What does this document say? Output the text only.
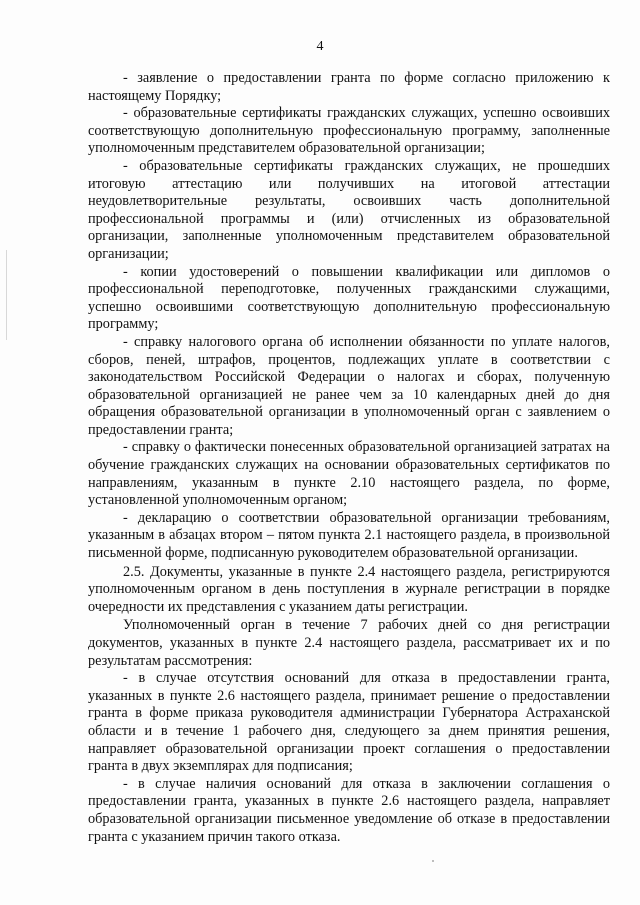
4

- заявление о предоставлении гранта по форме согласно приложению к настоящему Порядку;

- образовательные сертификаты гражданских служащих, успешно освоивших соответствующую дополнительную профессиональную программу, заполненные уполномоченным представителем образовательной организации;

- образовательные сертификаты гражданских служащих, не прошедших итоговую аттестацию или получивших на итоговой аттестации неудовлетворительные результаты, освоивших часть дополнительной профессиональной программы и (или) отчисленных из образовательной организации, заполненные уполномоченным представителем образовательной организации;

- копии удостоверений о повышении квалификации или дипломов о профессиональной переподготовке, полученных гражданскими служащими, успешно освоившими соответствующую дополнительную профессиональную программу;

- справку налогового органа об исполнении обязанности по уплате налогов, сборов, пеней, штрафов, процентов, подлежащих уплате в соответствии с законодательством Российской Федерации о налогах и сборах, полученную образовательной организацией не ранее чем за 10 календарных дней до дня обращения образовательной организации в уполномоченный орган с заявлением о предоставлении гранта;

- справку о фактически понесенных образовательной организацией затратах на обучение гражданских служащих на основании образовательных сертификатов по направлениям, указанным в пункте 2.10 настоящего раздела, по форме, установленной уполномоченным органом;

- декларацию о соответствии образовательной организации требованиям, указанным в абзацах втором – пятом пункта 2.1 настоящего раздела, в произвольной письменной форме, подписанную руководителем образовательной организации.

2.5. Документы, указанные в пункте 2.4 настоящего раздела, регистрируются уполномоченным органом в день поступления в журнале регистрации в порядке очередности их представления с указанием даты регистрации.

Уполномоченный орган в течение 7 рабочих дней со дня регистрации документов, указанных в пункте 2.4 настоящего раздела, рассматривает их и по результатам рассмотрения:

- в случае отсутствия оснований для отказа в предоставлении гранта, указанных в пункте 2.6 настоящего раздела, принимает решение о предоставлении гранта в форме приказа руководителя администрации Губернатора Астраханской области и в течение 1 рабочего дня, следующего за днем принятия решения, направляет образовательной организации проект соглашения о предоставлении гранта в двух экземплярах для подписания;

- в случае наличия оснований для отказа в заключении соглашения о предоставлении гранта, указанных в пункте 2.6 настоящего раздела, направляет образовательной организации письменное уведомление об отказе в предоставлении гранта с указанием причин такого отказа.
